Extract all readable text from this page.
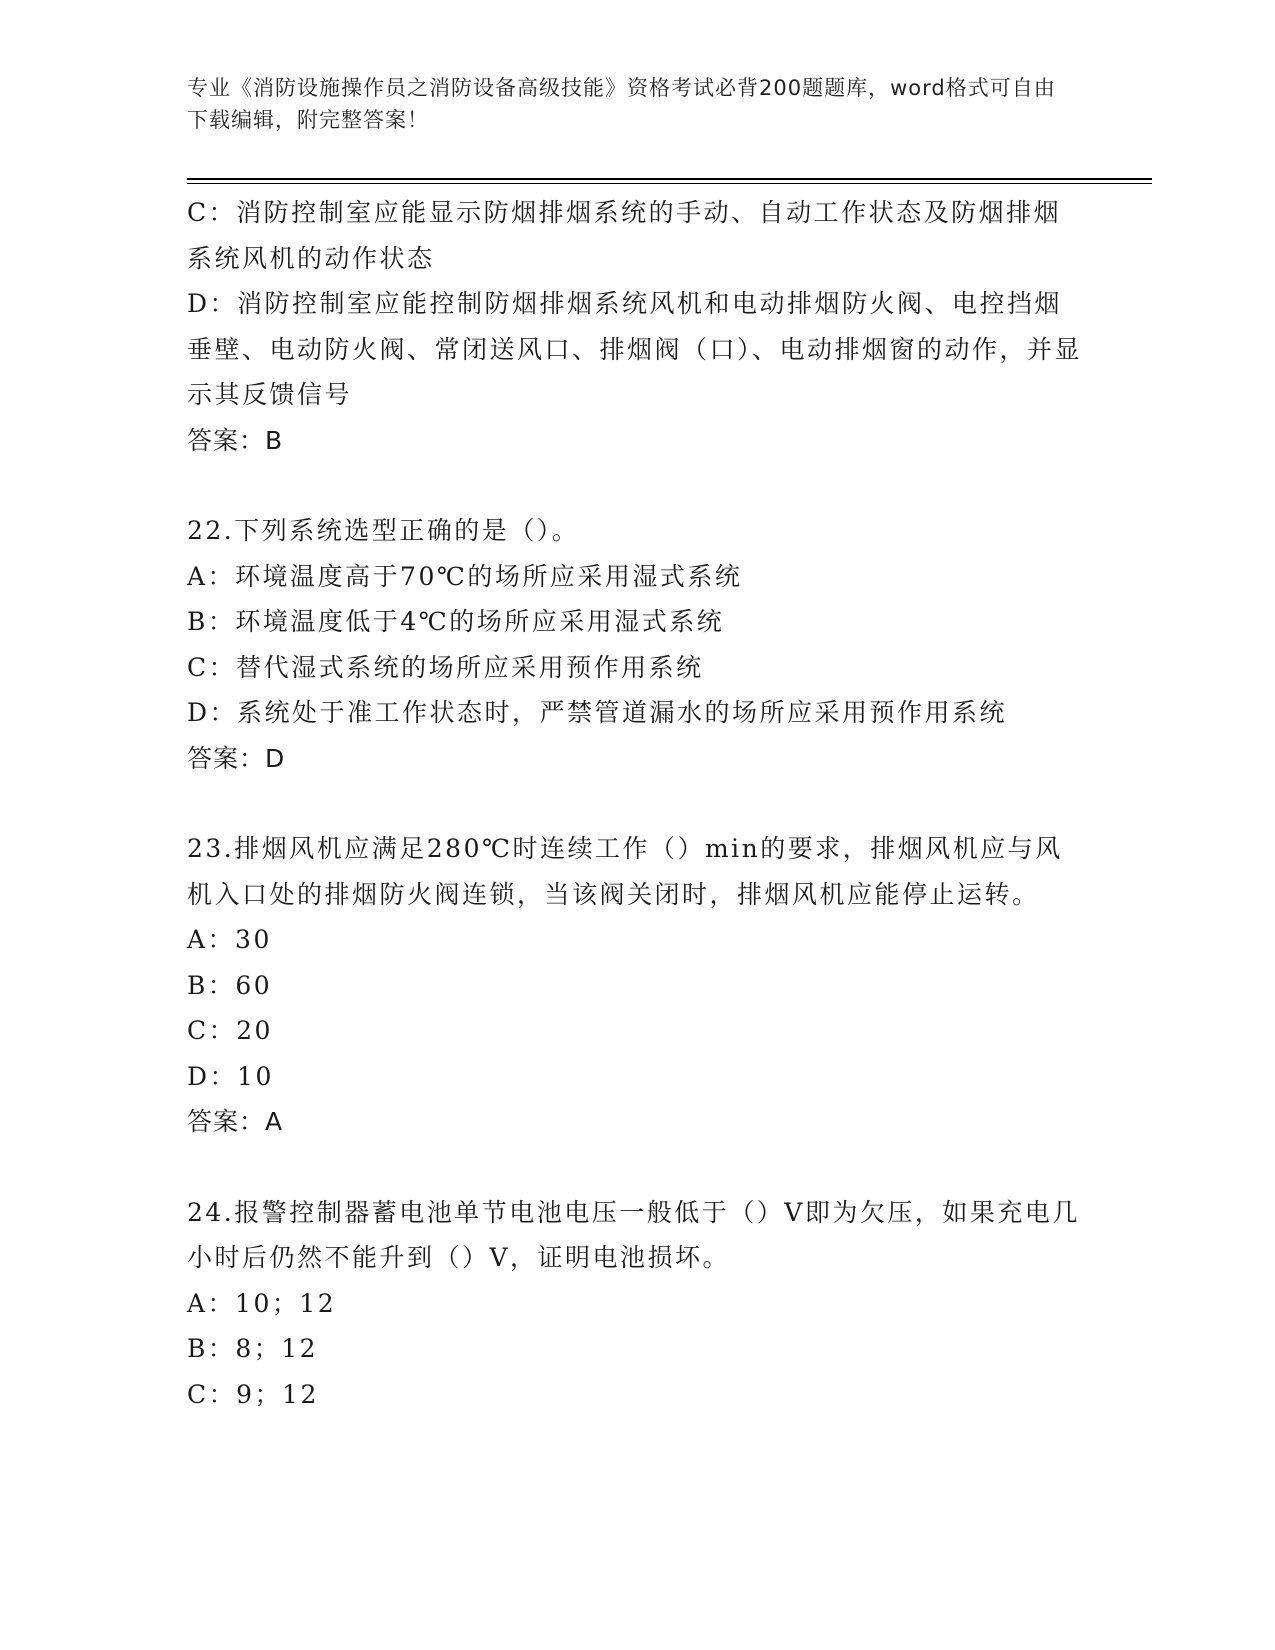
专业《消防设施操作员之消防设备高级技能》资格考试必背200题题库，word格式可自由下载编辑，附完整答案！

C：消防控制室应能显示防烟排烟系统的手动、自动工作状态及防烟排烟系统风机的动作状态

D：消防控制室应能控制防烟排烟系统风机和电动排烟防火阀、电控挡烟垂壁、电动防火阀、常闭送风口、排烟阀（口）、电动排烟窗的动作，并显示其反馈信号

答案：B

22.下列系统选型正确的是（）。

A：环境温度高于70℃的场所应采用湿式系统

B：环境温度低于4℃的场所应采用湿式系统

C：替代湿式系统的场所应采用预作用系统

D：系统处于准工作状态时，严禁管道漏水的场所应采用预作用系统

答案：D

23.排烟风机应满足280℃时连续工作（）min的要求，排烟风机应与风机入口处的排烟防火阀连锁，当该阀关闭时，排烟风机应能停止运转。

A：30

B：60

C：20

D：10

答案：A

24.报警控制器蓄电池单节电池电压一般低于（）V即为欠压，如果充电几小时后仍然不能升到（）V，证明电池损坏。

A：10；12

B：8；12

C：9；12
